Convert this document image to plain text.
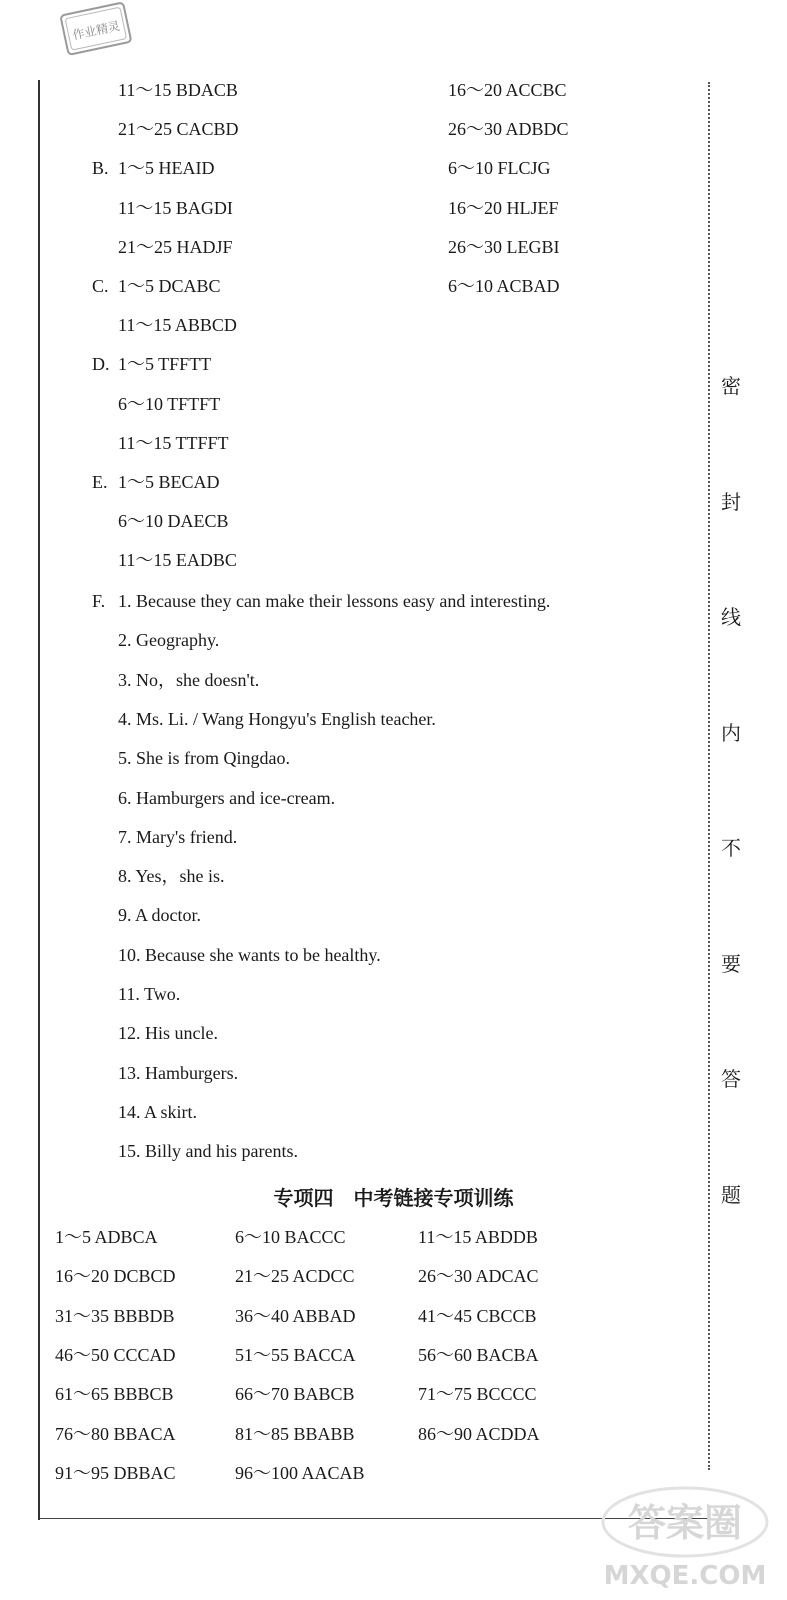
作业精灵
11～15 BDACB	16～20 ACCBC
21～25 CACBD	26～30 ADBDC
B. 1～5 HEAID	6～10 FLCJG
11～15 BAGDI	16～20 HLJEF
21～25 HADJF	26～30 LEGBI
C. 1～5 DCABC	6～10 ACBAD
11～15 ABBCD
D. 1～5 TFFTT
6～10 TFTFT
11～15 TTFFT
E. 1～5 BECAD
6～10 DAECB
11～15 EADBC
F. 1. Because they can make their lessons easy and interesting.
2. Geography.
3. No，she doesn't.
4. Ms. Li. / Wang Hongyu's English teacher.
5. She is from Qingdao.
6. Hamburgers and ice-cream.
7. Mary's friend.
8. Yes，she is.
9. A doctor.
10. Because she wants to be healthy.
11. Two.
12. His uncle.
13. Hamburgers.
14. A skirt.
15. Billy and his parents.
专项四　中考链接专项训练
1～5 ADBCA	6～10 BACCC	11～15 ABDDB
16～20 DCBCD	21～25 ACDCC	26～30 ADCAC
31～35 BBBDB	36～40 ABBAD	41～45 CBCCB
46～50 CCCAD	51～55 BACCA	56～60 BACBA
61～65 BBBCB	66～70 BABCB	71～75 BCCCC
76～80 BBACA	81～85 BBABB	86～90 ACDDA
91～95 DBBAC	96～100 AACAB
密
封
线
内
不
要
答
题
答案圈
MXQE.COM
